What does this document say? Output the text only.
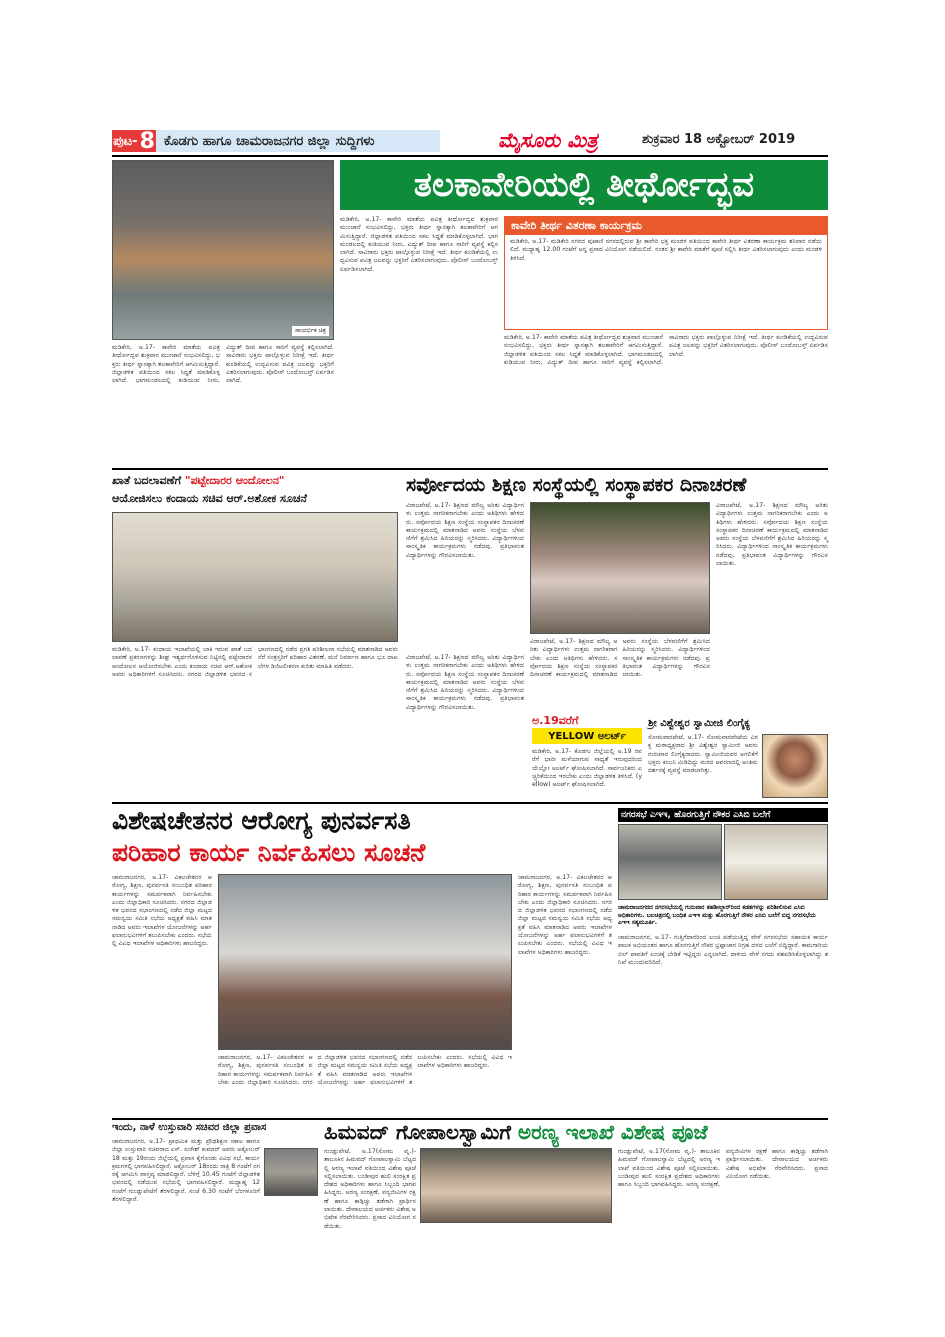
ಪುಟ- 8 ಕೊಡಗು ಹಾಗೂ ಚಾಮರಾಜನಗರ ಜಿಲ್ಲಾ ಸುದ್ದಿಗಳು	ಮೈಸೂರು ಮಿತ್ರ	ಶುಕ್ರವಾರ 18 ಅಕ್ಟೋಬರ್ 2019
ಸಾಂದರ್ಭಿಕ ಚಿತ್ರ
ತಲಕಾವೇರಿಯಲ್ಲಿ ತೀರ್ಥೋದ್ಭವ
ಕಾವೇರಿ ತೀರ್ಥ ವಿತರಣಾ ಕಾರ್ಯಕ್ರಮ
ಮಡಿಕೇರಿ, ಅ.17- ಮಡಿಕೇರಿ ನಗರದ ಪುಟಾಣಿ ನಗರದಲ್ಲಿರುವ ಶ್ರೀ ಕಾವೇರಿ ಭಕ್ತ ಮಂಡಳಿ ವತಿಯಿಂದ ಕಾವೇರಿ ತೀರ್ಥ ವಿತರಣಾ ಕಾರ್ಯಕ್ರಮ ಶನಿವಾರ ನಡೆಯಲಿದೆ. ಮಧ್ಯಾಹ್ನ 12.00 ಗಂಟೆಗೆ ಅನ್ನ ಪ್ರಸಾದ ವಿನಿಯೋಗ ನಡೆಯಲಿದೆ. ನಂತರ ಶ್ರೀ ಕಾವೇರಿ ಮಾತೆಗೆ ಪೂಜೆ ಸಲ್ಲಿಸಿ ತೀರ್ಥ ವಿತರಿಸಲಾಗುವುದು ಎಂದು ಮಂಡಳಿ ತಿಳಿಸಿದೆ.
ಮಡಿಕೇರಿ, ಅ.17- ಕಾವೇರಿ ಮಾತೆಯ ಪವಿತ್ರ ತೀರ್ಥೋದ್ಭವ ಶುಕ್ರವಾರ ಮುಂಜಾನೆ ಸಂಭವಿಸಲಿದ್ದು, ಭಕ್ತರು ತೀರ್ಥ ಸ್ನಾನಕ್ಕಾಗಿ ತಲಕಾವೇರಿಗೆ ಆಗಮಿಸುತ್ತಿದ್ದಾರೆ. ಜಿಲ್ಲಾಡಳಿತ ವತಿಯಿಂದ ಸಕಲ ಸಿದ್ಧತೆ ಮಾಡಿಕೊಳ್ಳಲಾಗಿದೆ. ಭಾಗಮಂಡಲದಲ್ಲಿ ಕುಡಿಯುವ ನೀರು, ವಿದ್ಯುತ್ ದೀಪ ಹಾಗೂ ಸಾರಿಗೆ ವ್ಯವಸ್ಥೆ ಕಲ್ಪಿಸಲಾಗಿದೆ. ಸಾವಿರಾರು ಭಕ್ತರು ಪಾಲ್ಗೊಳ್ಳುವ ನಿರೀಕ್ಷೆ ಇದೆ. ತೀರ್ಥ ಕುಂಡಿಕೆಯಲ್ಲಿ ಉದ್ಭವಿಸುವ ಪವಿತ್ರ ಜಲವನ್ನು ಭಕ್ತರಿಗೆ ವಿತರಿಸಲಾಗುವುದು. ಪೊಲೀಸ್ ಬಂದೋಬಸ್ತ್ ಏರ್ಪಡಿಸಲಾಗಿದೆ.
ಮಡಿಕೇರಿ, ಅ.17- ಕಾವೇರಿ ಮಾತೆಯ ಪವಿತ್ರ ತೀರ್ಥೋದ್ಭವ ಶುಕ್ರವಾರ ಮುಂಜಾನೆ ಸಂಭವಿಸಲಿದ್ದು, ಭಕ್ತರು ತೀರ್ಥ ಸ್ನಾನಕ್ಕಾಗಿ ತಲಕಾವೇರಿಗೆ ಆಗಮಿಸುತ್ತಿದ್ದಾರೆ. ಜಿಲ್ಲಾಡಳಿತ ವತಿಯಿಂದ ಸಕಲ ಸಿದ್ಧತೆ ಮಾಡಿಕೊಳ್ಳಲಾಗಿದೆ. ಭಾಗಮಂಡಲದಲ್ಲಿ ಕುಡಿಯುವ ನೀರು, ವಿದ್ಯುತ್ ದೀಪ ಹಾಗೂ ಸಾರಿಗೆ ವ್ಯವಸ್ಥೆ ಕಲ್ಪಿಸಲಾಗಿದೆ. ಸಾವಿರಾರು ಭಕ್ತರು ಪಾಲ್ಗೊಳ್ಳುವ ನಿರೀಕ್ಷೆ ಇದೆ. ತೀರ್ಥ ಕುಂಡಿಕೆಯಲ್ಲಿ ಉದ್ಭವಿಸುವ ಪವಿತ್ರ ಜಲವನ್ನು ಭಕ್ತರಿಗೆ ವಿತರಿಸಲಾಗುವುದು. ಪೊಲೀಸ್ ಬಂದೋಬಸ್ತ್ ಏರ್ಪಡಿಸಲಾಗಿದೆ.
ಮಡಿಕೇರಿ, ಅ.17- ಕಾವೇರಿ ಮಾತೆಯ ಪವಿತ್ರ ತೀರ್ಥೋದ್ಭವ ಶುಕ್ರವಾರ ಮುಂಜಾನೆ ಸಂಭವಿಸಲಿದ್ದು, ಭಕ್ತರು ತೀರ್ಥ ಸ್ನಾನಕ್ಕಾಗಿ ತಲಕಾವೇರಿಗೆ ಆಗಮಿಸುತ್ತಿದ್ದಾರೆ. ಜಿಲ್ಲಾಡಳಿತ ವತಿಯಿಂದ ಸಕಲ ಸಿದ್ಧತೆ ಮಾಡಿಕೊಳ್ಳಲಾಗಿದೆ. ಭಾಗಮಂಡಲದಲ್ಲಿ ಕುಡಿಯುವ ನೀರು, ವಿದ್ಯುತ್ ದೀಪ ಹಾಗೂ ಸಾರಿಗೆ ವ್ಯವಸ್ಥೆ ಕಲ್ಪಿಸಲಾಗಿದೆ. ಸಾವಿರಾರು ಭಕ್ತರು ಪಾಲ್ಗೊಳ್ಳುವ ನಿರೀಕ್ಷೆ ಇದೆ. ತೀರ್ಥ ಕುಂಡಿಕೆಯಲ್ಲಿ ಉದ್ಭವಿಸುವ ಪವಿತ್ರ ಜಲವನ್ನು ಭಕ್ತರಿಗೆ ವಿತರಿಸಲಾಗುವುದು. ಪೊಲೀಸ್ ಬಂದೋಬಸ್ತ್ ಏರ್ಪಡಿಸಲಾಗಿದೆ.
ಖಾತೆ ಬದಲಾವಣೆಗೆ "ಪಟ್ಟೇದಾರರ ಆಂದೋಲನ"
ಆಯೋಜಿಸಲು ಕಂದಾಯ ಸಚಿವ ಆರ್.ಅಶೋಕ ಸೂಚನೆ
ಮಡಿಕೇರಿ, ಅ.17- ಕಂದಾಯ ಇಲಾಖೆಯಲ್ಲಿ ಬಾಕಿ ಇರುವ ಖಾತೆ ಬದಲಾವಣೆ ಪ್ರಕರಣಗಳನ್ನು ಶೀಘ್ರ ಇತ್ಯರ್ಥಗೊಳಿಸುವ ನಿಟ್ಟಿನಲ್ಲಿ ಪಟ್ಟೇದಾರರ ಆಂದೋಲನ ಆಯೋಜಿಸಬೇಕು ಎಂದು ಕಂದಾಯ ಸಚಿವ ಆರ್.ಅಶೋಕ ಅವರು ಅಧಿಕಾರಿಗಳಿಗೆ ಸೂಚಿಸಿದರು. ನಗರದ ಜಿಲ್ಲಾಡಳಿತ ಭವನದ ಸಭಾಂಗಣದಲ್ಲಿ ನಡೆದ ಪ್ರಗತಿ ಪರಿಶೀಲನಾ ಸಭೆಯಲ್ಲಿ ಮಾತನಾಡಿದ ಅವರು ನೆರೆ ಸಂತ್ರಸ್ತರಿಗೆ ಪರಿಹಾರ ವಿತರಣೆ, ಮನೆ ನಿರ್ಮಾಣ ಹಾಗೂ ಭೂ ದಾಖಲೆಗಳ ಡಿಜಿಟಲೀಕರಣ ಕುರಿತು ಮಾಹಿತಿ ಪಡೆದರು.
ಸರ್ವೋದಯ ಶಿಕ್ಷಣ ಸಂಸ್ಥೆಯಲ್ಲಿ ಸಂಸ್ಥಾಪಕರ ದಿನಾಚರಣೆ
ವಿರಾಜಪೇಟೆ, ಅ.17- ಶಿಕ್ಷಣದ ಮೌಲ್ಯ ಅರಿತು ವಿದ್ಯಾರ್ಥಿಗಳು ಉತ್ತಮ ನಾಗರಿಕರಾಗಬೇಕು ಎಂದು ಅತಿಥಿಗಳು ಹೇಳಿದರು. ಸರ್ವೋದಯ ಶಿಕ್ಷಣ ಸಂಸ್ಥೆಯ ಸಂಸ್ಥಾಪಕರ ದಿನಾಚರಣೆ ಕಾರ್ಯಕ್ರಮದಲ್ಲಿ ಮಾತನಾಡಿದ ಅವರು ಸಂಸ್ಥೆಯ ಬೆಳವಣಿಗೆಗೆ ಶ್ರಮಿಸಿದ ಹಿರಿಯರನ್ನು ಸ್ಮರಿಸಿದರು. ವಿದ್ಯಾರ್ಥಿಗಳಿಂದ ಸಾಂಸ್ಕೃತಿಕ ಕಾರ್ಯಕ್ರಮಗಳು ನಡೆದವು. ಪ್ರತಿಭಾವಂತ ವಿದ್ಯಾರ್ಥಿಗಳನ್ನು ಗೌರವಿಸಲಾಯಿತು.
ವಿರಾಜಪೇಟೆ, ಅ.17- ಶಿಕ್ಷಣದ ಮೌಲ್ಯ ಅರಿತು ವಿದ್ಯಾರ್ಥಿಗಳು ಉತ್ತಮ ನಾಗರಿಕರಾಗಬೇಕು ಎಂದು ಅತಿಥಿಗಳು ಹೇಳಿದರು. ಸರ್ವೋದಯ ಶಿಕ್ಷಣ ಸಂಸ್ಥೆಯ ಸಂಸ್ಥಾಪಕರ ದಿನಾಚರಣೆ ಕಾರ್ಯಕ್ರಮದಲ್ಲಿ ಮಾತನಾಡಿದ ಅವರು ಸಂಸ್ಥೆಯ ಬೆಳವಣಿಗೆಗೆ ಶ್ರಮಿಸಿದ ಹಿರಿಯರನ್ನು ಸ್ಮರಿಸಿದರು. ವಿದ್ಯಾರ್ಥಿಗಳಿಂದ ಸಾಂಸ್ಕೃತಿಕ ಕಾರ್ಯಕ್ರಮಗಳು ನಡೆದವು. ಪ್ರತಿಭಾವಂತ ವಿದ್ಯಾರ್ಥಿಗಳನ್ನು ಗೌರವಿಸಲಾಯಿತು.
ವಿರಾಜಪೇಟೆ, ಅ.17- ಶಿಕ್ಷಣದ ಮೌಲ್ಯ ಅರಿತು ವಿದ್ಯಾರ್ಥಿಗಳು ಉತ್ತಮ ನಾಗರಿಕರಾಗಬೇಕು ಎಂದು ಅತಿಥಿಗಳು ಹೇಳಿದರು. ಸರ್ವೋದಯ ಶಿಕ್ಷಣ ಸಂಸ್ಥೆಯ ಸಂಸ್ಥಾಪಕರ ದಿನಾಚರಣೆ ಕಾರ್ಯಕ್ರಮದಲ್ಲಿ ಮಾತನಾಡಿದ ಅವರು ಸಂಸ್ಥೆಯ ಬೆಳವಣಿಗೆಗೆ ಶ್ರಮಿಸಿದ ಹಿರಿಯರನ್ನು ಸ್ಮರಿಸಿದರು. ವಿದ್ಯಾರ್ಥಿಗಳಿಂದ ಸಾಂಸ್ಕೃತಿಕ ಕಾರ್ಯಕ್ರಮಗಳು ನಡೆದವು. ಪ್ರತಿಭಾವಂತ ವಿದ್ಯಾರ್ಥಿಗಳನ್ನು ಗೌರವಿಸಲಾಯಿತು.
ವಿರಾಜಪೇಟೆ, ಅ.17- ಶಿಕ್ಷಣದ ಮೌಲ್ಯ ಅರಿತು ವಿದ್ಯಾರ್ಥಿಗಳು ಉತ್ತಮ ನಾಗರಿಕರಾಗಬೇಕು ಎಂದು ಅತಿಥಿಗಳು ಹೇಳಿದರು. ಸರ್ವೋದಯ ಶಿಕ್ಷಣ ಸಂಸ್ಥೆಯ ಸಂಸ್ಥಾಪಕರ ದಿನಾಚರಣೆ ಕಾರ್ಯಕ್ರಮದಲ್ಲಿ ಮಾತನಾಡಿದ ಅವರು ಸಂಸ್ಥೆಯ ಬೆಳವಣಿಗೆಗೆ ಶ್ರಮಿಸಿದ ಹಿರಿಯರನ್ನು ಸ್ಮರಿಸಿದರು. ವಿದ್ಯಾರ್ಥಿಗಳಿಂದ ಸಾಂಸ್ಕೃತಿಕ ಕಾರ್ಯಕ್ರಮಗಳು ನಡೆದವು. ಪ್ರತಿಭಾವಂತ ವಿದ್ಯಾರ್ಥಿಗಳನ್ನು ಗೌರವಿಸಲಾಯಿತು.
ಅ.19ವರೆಗೆ
YELLOW ಅಲರ್ಟ್
ಮಡಿಕೇರಿ, ಅ.17- ಕೊಡಗು ಜಿಲ್ಲೆಯಲ್ಲಿ ಅ.19 ರವರೆಗೆ ಭಾರೀ ಮಳೆಯಾಗುವ ಸಾಧ್ಯತೆ ಇರುವುದರಿಂದ ಯೆಲ್ಲೋ ಅಲರ್ಟ್ ಘೋಷಿಸಲಾಗಿದೆ. ಸಾರ್ವಜನಿಕರು ಎಚ್ಚರಿಕೆಯಿಂದ ಇರಬೇಕು ಎಂದು ಜಿಲ್ಲಾಡಳಿತ ತಿಳಿಸಿದೆ. (yellow) ಅಲರ್ಟ್ ಘೋಷಿಸಲಾಗಿದೆ.
ಶ್ರೀ ವಿಶ್ವೇಶ್ವರ ಸ್ವಾಮೀಜಿ ಲಿಂಗೈಕ್ಯ
ಸೋಮವಾರಪೇಟೆ, ಅ.17- ಸೋಮವಾರಪೇಟೆಯ ವಿರಕ್ತ ಮಠಾಧ್ಯಕ್ಷರಾದ ಶ್ರೀ ವಿಶ್ವೇಶ್ವರ ಸ್ವಾಮೀಜಿ ಅವರು ಗುರುವಾರ ಲಿಂಗೈಕ್ಯರಾದರು. ಸ್ವಾಮೀಜಿಯವರ ಅಗಲಿಕೆಗೆ ಭಕ್ತರು ಕಂಬನಿ ಮಿಡಿದಿದ್ದು ಮಠದ ಆವರಣದಲ್ಲಿ ಅಂತಿಮ ದರ್ಶನಕ್ಕೆ ವ್ಯವಸ್ಥೆ ಮಾಡಲಾಗಿತ್ತು.
ವಿಶೇಷಚೇತನರ ಆರೋಗ್ಯ ಪುನರ್ವಸತಿ
ಪರಿಹಾರ ಕಾರ್ಯ ನಿರ್ವಹಿಸಲು ಸೂಚನೆ
ಚಾಮರಾಜನಗರ, ಅ.17- ವಿಕಲಚೇತನರ ಆರೋಗ್ಯ, ಶಿಕ್ಷಣ, ಪುನರ್ವಸತಿ ಸಂಬಂಧಿತ ಪರಿಹಾರ ಕಾರ್ಯಗಳನ್ನು ಸಮರ್ಪಕವಾಗಿ ನಿರ್ವಹಿಸಬೇಕು ಎಂದು ಜಿಲ್ಲಾಧಿಕಾರಿ ಸೂಚಿಸಿದರು. ನಗರದ ಜಿಲ್ಲಾಡಳಿತ ಭವನದ ಸಭಾಂಗಣದಲ್ಲಿ ನಡೆದ ಜಿಲ್ಲಾ ಮಟ್ಟದ ಸಮನ್ವಯ ಸಮಿತಿ ಸಭೆಯ ಅಧ್ಯಕ್ಷತೆ ವಹಿಸಿ ಮಾತನಾಡಿದ ಅವರು ಇಲಾಖೆಗಳ ಯೋಜನೆಗಳನ್ನು ಅರ್ಹ ಫಲಾನುಭವಿಗಳಿಗೆ ತಲುಪಿಸಬೇಕು ಎಂದರು. ಸಭೆಯಲ್ಲಿ ವಿವಿಧ ಇಲಾಖೆಗಳ ಅಧಿಕಾರಿಗಳು ಹಾಜರಿದ್ದರು.
ಚಾಮರಾಜನಗರ, ಅ.17- ವಿಕಲಚೇತನರ ಆರೋಗ್ಯ, ಶಿಕ್ಷಣ, ಪುನರ್ವಸತಿ ಸಂಬಂಧಿತ ಪರಿಹಾರ ಕಾರ್ಯಗಳನ್ನು ಸಮರ್ಪಕವಾಗಿ ನಿರ್ವಹಿಸಬೇಕು ಎಂದು ಜಿಲ್ಲಾಧಿಕಾರಿ ಸೂಚಿಸಿದರು. ನಗರದ ಜಿಲ್ಲಾಡಳಿತ ಭವನದ ಸಭಾಂಗಣದಲ್ಲಿ ನಡೆದ ಜಿಲ್ಲಾ ಮಟ್ಟದ ಸಮನ್ವಯ ಸಮಿತಿ ಸಭೆಯ ಅಧ್ಯಕ್ಷತೆ ವಹಿಸಿ ಮಾತನಾಡಿದ ಅವರು ಇಲಾಖೆಗಳ ಯೋಜನೆಗಳನ್ನು ಅರ್ಹ ಫಲಾನುಭವಿಗಳಿಗೆ ತಲುಪಿಸಬೇಕು ಎಂದರು. ಸಭೆಯಲ್ಲಿ ವಿವಿಧ ಇಲಾಖೆಗಳ ಅಧಿಕಾರಿಗಳು ಹಾಜರಿದ್ದರು.
ಚಾಮರಾಜನಗರ, ಅ.17- ವಿಕಲಚೇತನರ ಆರೋಗ್ಯ, ಶಿಕ್ಷಣ, ಪುನರ್ವಸತಿ ಸಂಬಂಧಿತ ಪರಿಹಾರ ಕಾರ್ಯಗಳನ್ನು ಸಮರ್ಪಕವಾಗಿ ನಿರ್ವಹಿಸಬೇಕು ಎಂದು ಜಿಲ್ಲಾಧಿಕಾರಿ ಸೂಚಿಸಿದರು. ನಗರದ ಜಿಲ್ಲಾಡಳಿತ ಭವನದ ಸಭಾಂಗಣದಲ್ಲಿ ನಡೆದ ಜಿಲ್ಲಾ ಮಟ್ಟದ ಸಮನ್ವಯ ಸಮಿತಿ ಸಭೆಯ ಅಧ್ಯಕ್ಷತೆ ವಹಿಸಿ ಮಾತನಾಡಿದ ಅವರು ಇಲಾಖೆಗಳ ಯೋಜನೆಗಳನ್ನು ಅರ್ಹ ಫಲಾನುಭವಿಗಳಿಗೆ ತಲುಪಿಸಬೇಕು ಎಂದರು. ಸಭೆಯಲ್ಲಿ ವಿವಿಧ ಇಲಾಖೆಗಳ ಅಧಿಕಾರಿಗಳು ಹಾಜರಿದ್ದರು.
ನಗರಸಭೆ ಎಇಇ, ಹೊರಗುತ್ತಿಗೆ ನೌಕರ ಎಸಿಬಿ ಬಲೆಗೆ
ಚಾಮರಾಜನಗರದ ನಗರಸಭೆಯಲ್ಲಿ ಗುರುವಾರ ತಹಶೀಲ್ದಾರ್‌ರಿಂದ ಕಡತಗಳನ್ನು ಪರಿಶೀಲಿಸುವ ಎಸಿಬಿ ಅಧಿಕಾರಿಗಳು. ಬಲಚಿತ್ರದಲ್ಲಿ ಬಂಧಿತ ಎಇಇ ಮತ್ತು ಹೊರಗುತ್ತಿಗೆ ನೌಕರ ಎಸಿಬಿ ಬಲೆಗೆ ಬಿದ್ದ ನಗರಸಭೆಯ ಎಇಇ ಸತ್ಯಮೂರ್ತಿ.
ಚಾಮರಾಜನಗರ, ಅ.17- ಗುತ್ತಿಗೆದಾರರಿಂದ ಲಂಚ ಪಡೆಯುತ್ತಿದ್ದ ವೇಳೆ ನಗರಸಭೆಯ ಸಹಾಯಕ ಕಾರ್ಯಪಾಲಕ ಅಭಿಯಂತರ ಹಾಗೂ ಹೊರಗುತ್ತಿಗೆ ನೌಕರ ಭ್ರಷ್ಟಾಚಾರ ನಿಗ್ರಹ ದಳದ ಬಲೆಗೆ ಬಿದ್ದಿದ್ದಾರೆ. ಕಾಮಗಾರಿಯ ಬಿಲ್ ಪಾವತಿಗೆ ಲಂಚಕ್ಕೆ ಬೇಡಿಕೆ ಇಟ್ಟಿದ್ದರು ಎನ್ನಲಾಗಿದೆ. ದಾಳಿಯ ವೇಳೆ ನಗದು ವಶಪಡಿಸಿಕೊಳ್ಳಲಾಗಿದ್ದು ತನಿಖೆ ಮುಂದುವರಿದಿದೆ.
ಇಂದು, ನಾಳೆ ಉಸ್ತುವಾರಿ ಸಚಿವರ ಜಿಲ್ಲಾ ಪ್ರವಾಸ
ಚಾಮರಾಜನಗರ, ಅ.17- ಪ್ರಾಥಮಿಕ ಮತ್ತು ಪ್ರೌಢಶಿಕ್ಷಣ ಸಕಾಲ ಹಾಗೂ ಜಿಲ್ಲಾ ಉಸ್ತುವಾರಿ ಸಚಿವರಾದ ಎಸ್. ಸುರೇಶ್ ಕುಮಾರ್ ಅವರು ಅಕ್ಟೋಬರ್ 18 ಮತ್ತು 19ರಂದು ಜಿಲ್ಲೆಯಲ್ಲಿ ಪ್ರವಾಸ ಕೈಗೊಂಡು ವಿವಿಧ ಸಭೆ, ಕಾರ್ಯಕ್ರಮಗಳಲ್ಲಿ ಭಾಗವಹಿಸಲಿದ್ದಾರೆ. ಅಕ್ಟೋಬರ್ 18ರಂದು ರಾತ್ರಿ 8 ಗಂಟೆಗೆ ನಗರಕ್ಕೆ ಆಗಮಿಸಿ ವಾಸ್ತವ್ಯ ಮಾಡಲಿದ್ದಾರೆ. ಬೆಳಿಗ್ಗೆ 10.45 ಗಂಟೆಗೆ ಜಿಲ್ಲಾಡಳಿತ ಭವನದಲ್ಲಿ ನಡೆಯುವ ಸಭೆಯಲ್ಲಿ ಭಾಗವಹಿಸಲಿದ್ದಾರೆ. ಮಧ್ಯಾಹ್ನ 12 ಗಂಟೆಗೆ ಗುಂಡ್ಲುಪೇಟೆಗೆ ತೆರಳಲಿದ್ದಾರೆ. ಸಂಜೆ 6.30 ಗಂಟೆಗೆ ಬೆಂಗಳೂರಿಗೆ ತೆರಳಲಿದ್ದಾರೆ.
ಹಿಮವದ್ ಗೋಪಾಲಸ್ವಾಮಿಗೆ ಅರಣ್ಯ ಇಲಾಖೆ ವಿಶೇಷ ಪೂಜೆ
ಗುಂಡ್ಲುಪೇಟೆ, ಅ.17(ಸೋಮ ವೃ.)- ತಾಲೂಕಿನ ಹಿಮವದ್ ಗೋಪಾಲಸ್ವಾಮಿ ಬೆಟ್ಟದಲ್ಲಿ ಅರಣ್ಯ ಇಲಾಖೆ ವತಿಯಿಂದ ವಿಶೇಷ ಪೂಜೆ ಸಲ್ಲಿಸಲಾಯಿತು. ಬಂಡೀಪುರ ಹುಲಿ ಸಂರಕ್ಷಿತ ಪ್ರದೇಶದ ಅಧಿಕಾರಿಗಳು ಹಾಗೂ ಸಿಬ್ಬಂದಿ ಭಾಗವಹಿಸಿದ್ದರು. ಅರಣ್ಯ ಸಂರಕ್ಷಣೆ, ವನ್ಯಜೀವಿಗಳ ರಕ್ಷಣೆ ಹಾಗೂ ಕಾಡ್ಗಿಚ್ಚು ತಡೆಗಾಗಿ ಪ್ರಾರ್ಥಿಸಲಾಯಿತು. ದೇವಾಲಯದ ಅರ್ಚಕರು ವಿಶೇಷ ಅಭಿಷೇಕ ನೆರವೇರಿಸಿದರು. ಪ್ರಸಾದ ವಿನಿಯೋಗ ನಡೆಯಿತು.
ಗುಂಡ್ಲುಪೇಟೆ, ಅ.17(ಸೋಮ ವೃ.)- ತಾಲೂಕಿನ ಹಿಮವದ್ ಗೋಪಾಲಸ್ವಾಮಿ ಬೆಟ್ಟದಲ್ಲಿ ಅರಣ್ಯ ಇಲಾಖೆ ವತಿಯಿಂದ ವಿಶೇಷ ಪೂಜೆ ಸಲ್ಲಿಸಲಾಯಿತು. ಬಂಡೀಪುರ ಹುಲಿ ಸಂರಕ್ಷಿತ ಪ್ರದೇಶದ ಅಧಿಕಾರಿಗಳು ಹಾಗೂ ಸಿಬ್ಬಂದಿ ಭಾಗವಹಿಸಿದ್ದರು. ಅರಣ್ಯ ಸಂರಕ್ಷಣೆ, ವನ್ಯಜೀವಿಗಳ ರಕ್ಷಣೆ ಹಾಗೂ ಕಾಡ್ಗಿಚ್ಚು ತಡೆಗಾಗಿ ಪ್ರಾರ್ಥಿಸಲಾಯಿತು. ದೇವಾಲಯದ ಅರ್ಚಕರು ವಿಶೇಷ ಅಭಿಷೇಕ ನೆರವೇರಿಸಿದರು. ಪ್ರಸಾದ ವಿನಿಯೋಗ ನಡೆಯಿತು.
